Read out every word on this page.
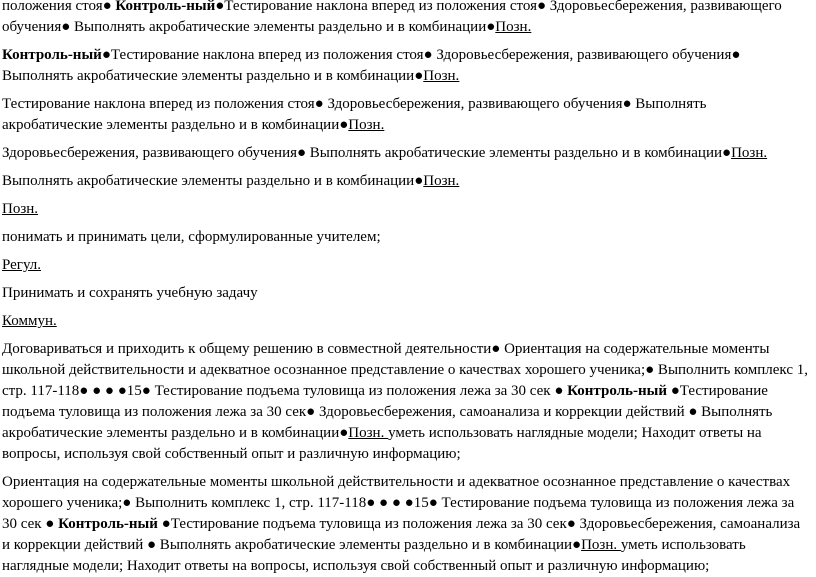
положения стоя● Контроль-ный●Тестирование наклона вперед из положения стоя● Здоровьесбережения, развивающего обучения● Выполнять акробатические элементы раздельно и в комбинации●Позн.

Контроль-ный●Тестирование наклона вперед из положения стоя● Здоровьесбережения, развивающего обучения● Выполнять акробатические элементы раздельно и в комбинации●Позн.

Тестирование наклона вперед из положения стоя● Здоровьесбережения, развивающего обучения● Выполнять акробатические элементы раздельно и в комбинации●Позн.

Здоровьесбережения, развивающего обучения● Выполнять акробатические элементы раздельно и в комбинации●Позн.

Выполнять акробатические элементы раздельно и в комбинации●Позн.

Позн.

понимать и принимать цели, сформулированные учителем;

Регул.

Принимать и сохранять учебную задачу

Коммун.

Договариваться и приходить к общему решению в совместной деятельности● Ориентация на содержательные моменты школьной действительности и адекватное осознанное представление о качествах хорошего ученика;● Выполнить комплекс 1, стр. 117-118● ● ● ●15● Тестирование подъема туловища из положения лежа за 30 сек ● Контроль-ный ●Тестирование подъема туловища из положения лежа за 30 сек● Здоровьесбережения, самоанализа и коррекции действий ● Выполнять акробатические элементы раздельно и в комбинации●Позн. уметь использовать наглядные модели; Находит ответы на вопросы, используя свой собственный опыт и различную информацию;

Ориентация на содержательные моменты школьной действительности и адекватное осознанное представление о качествах хорошего ученика;● Выполнить комплекс 1, стр. 117-118● ● ● ●15● Тестирование подъема туловища из положения лежа за 30 сек ● Контроль-ный ●Тестирование подъема туловища из положения лежа за 30 сек● Здоровьесбережения, самоанализа и коррекции действий ● Выполнять акробатические элементы раздельно и в комбинации●Позн. уметь использовать наглядные модели; Находит ответы на вопросы, используя свой собственный опыт и различную информацию;
